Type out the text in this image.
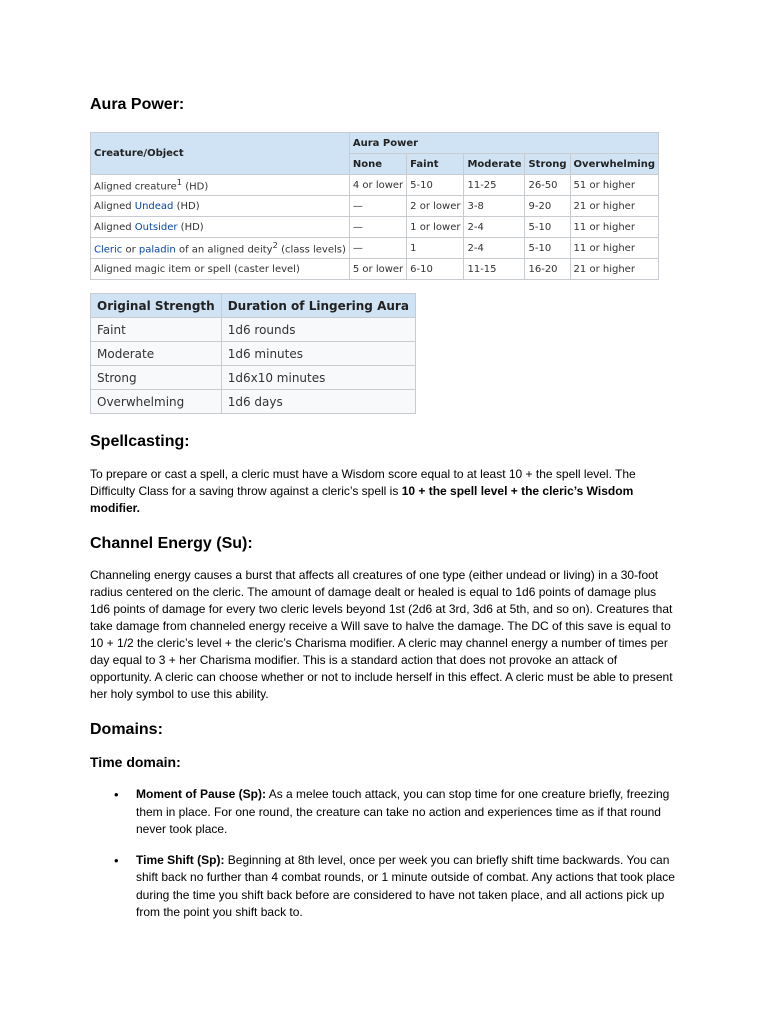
Aura Power:
Creature/Object	Aura Power				
	None	Faint	Moderate	Strong	Overwhelming
Aligned creature$^1$ (HD)	4 or lower	5-10	11-25	26-50	51 or higher
Aligned Undead (HD)	—	2 or lower	3-8	9-20	21 or higher
Aligned Outsider (HD)	—	1 or lower	2-4	5-10	11 or higher
Cleric or paladin of an aligned deity$^2$ (class levels)	—	1	2-4	5-10	11 or higher
Aligned magic item or spell (caster level)	5 or lower	6-10	11-15	16-20	21 or higher
Original Strength	Duration of Lingering Aura
Faint	1d6 rounds
Moderate	1d6 minutes
Strong	1d6x10 minutes
Overwhelming	1d6 days
Spellcasting:

To prepare or cast a spell, a cleric must have a Wisdom score equal to at least 10 + the spell level. The Difficulty Class for a saving throw against a cleric’s spell is 10 + the spell level + the cleric’s Wisdom modifier.

Channel Energy (Su):

Channeling energy causes a burst that affects all creatures of one type (either undead or living) in a 30-foot radius centered on the cleric. The amount of damage dealt or healed is equal to 1d6 points of damage plus 1d6 points of damage for every two cleric levels beyond 1st (2d6 at 3rd, 3d6 at 5th, and so on). Creatures that take damage from channeled energy receive a Will save to halve the damage. The DC of this save is equal to 10 + 1/2 the cleric’s level + the cleric’s Charisma modifier. A cleric may channel energy a number of times per day equal to 3 + her Charisma modifier. This is a standard action that does not provoke an attack of opportunity. A cleric can choose whether or not to include herself in this effect. A cleric must be able to present her holy symbol to use this ability.

Domains:
Time domain:
• Moment of Pause (Sp): As a melee touch attack, you can stop time for one creature briefly, freezing them in place. For one round, the creature can take no action and experiences time as if that round never took place.
• Time Shift (Sp): Beginning at 8th level, once per week you can briefly shift time backwards. You can shift back no further than 4 combat rounds, or 1 minute outside of combat. Any actions that took place during the time you shift back before are considered to have not taken place, and all actions pick up from the point you shift back to.
